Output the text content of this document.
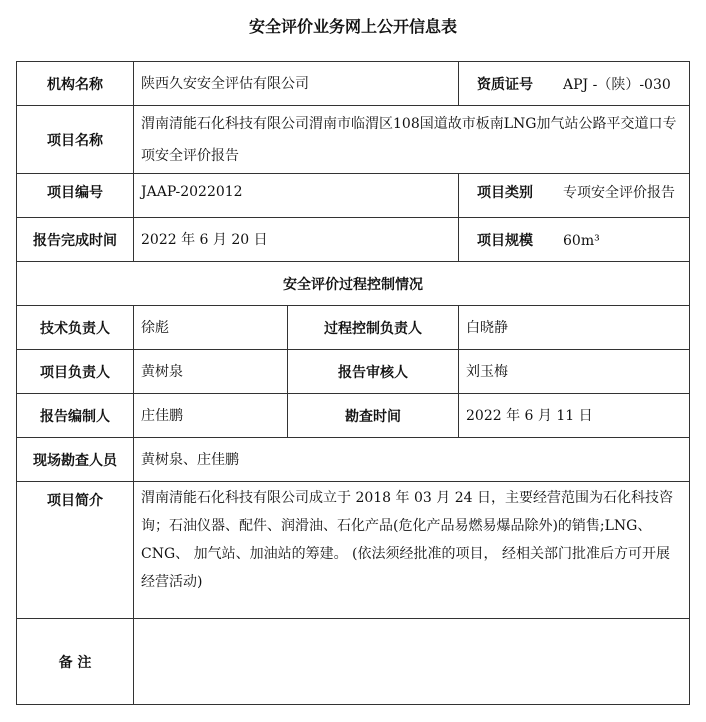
安全评价业务网上公开信息表
机构名称	陕西久安安全评估有限公司		资质证号 APJ -（陕）-030
项目名称	渭南清能石化科技有限公司渭南市临渭区108国道故市板南LNG加气站公路平交道口专项安全评价报告		
项目编号	JAAP-2022012		项目类别 专项安全评价报告
报告完成时间	2022 年 6 月 20 日		项目规模 60m³
安全评价过程控制情况			
技术负责人	徐彪	过程控制负责人	白晓静
项目负责人	黄树泉	报告审核人	刘玉梅
报告编制人	庄佳鹏	勘查时间	2022 年 6 月 11 日
现场勘查人员	黄树泉、庄佳鹏		
项目简介	渭南清能石化科技有限公司成立于 2018 年 03 月 24 日，主要经营范围为石化科技咨询；石油仪器、配件、润滑油、石化产品(危化产品易燃易爆品除外)的销售;LNG、CNG、 加气站、加油站的筹建。 (依法须经批准的项目， 经相关部门批准后方可开展经营活动)		
备 注			
